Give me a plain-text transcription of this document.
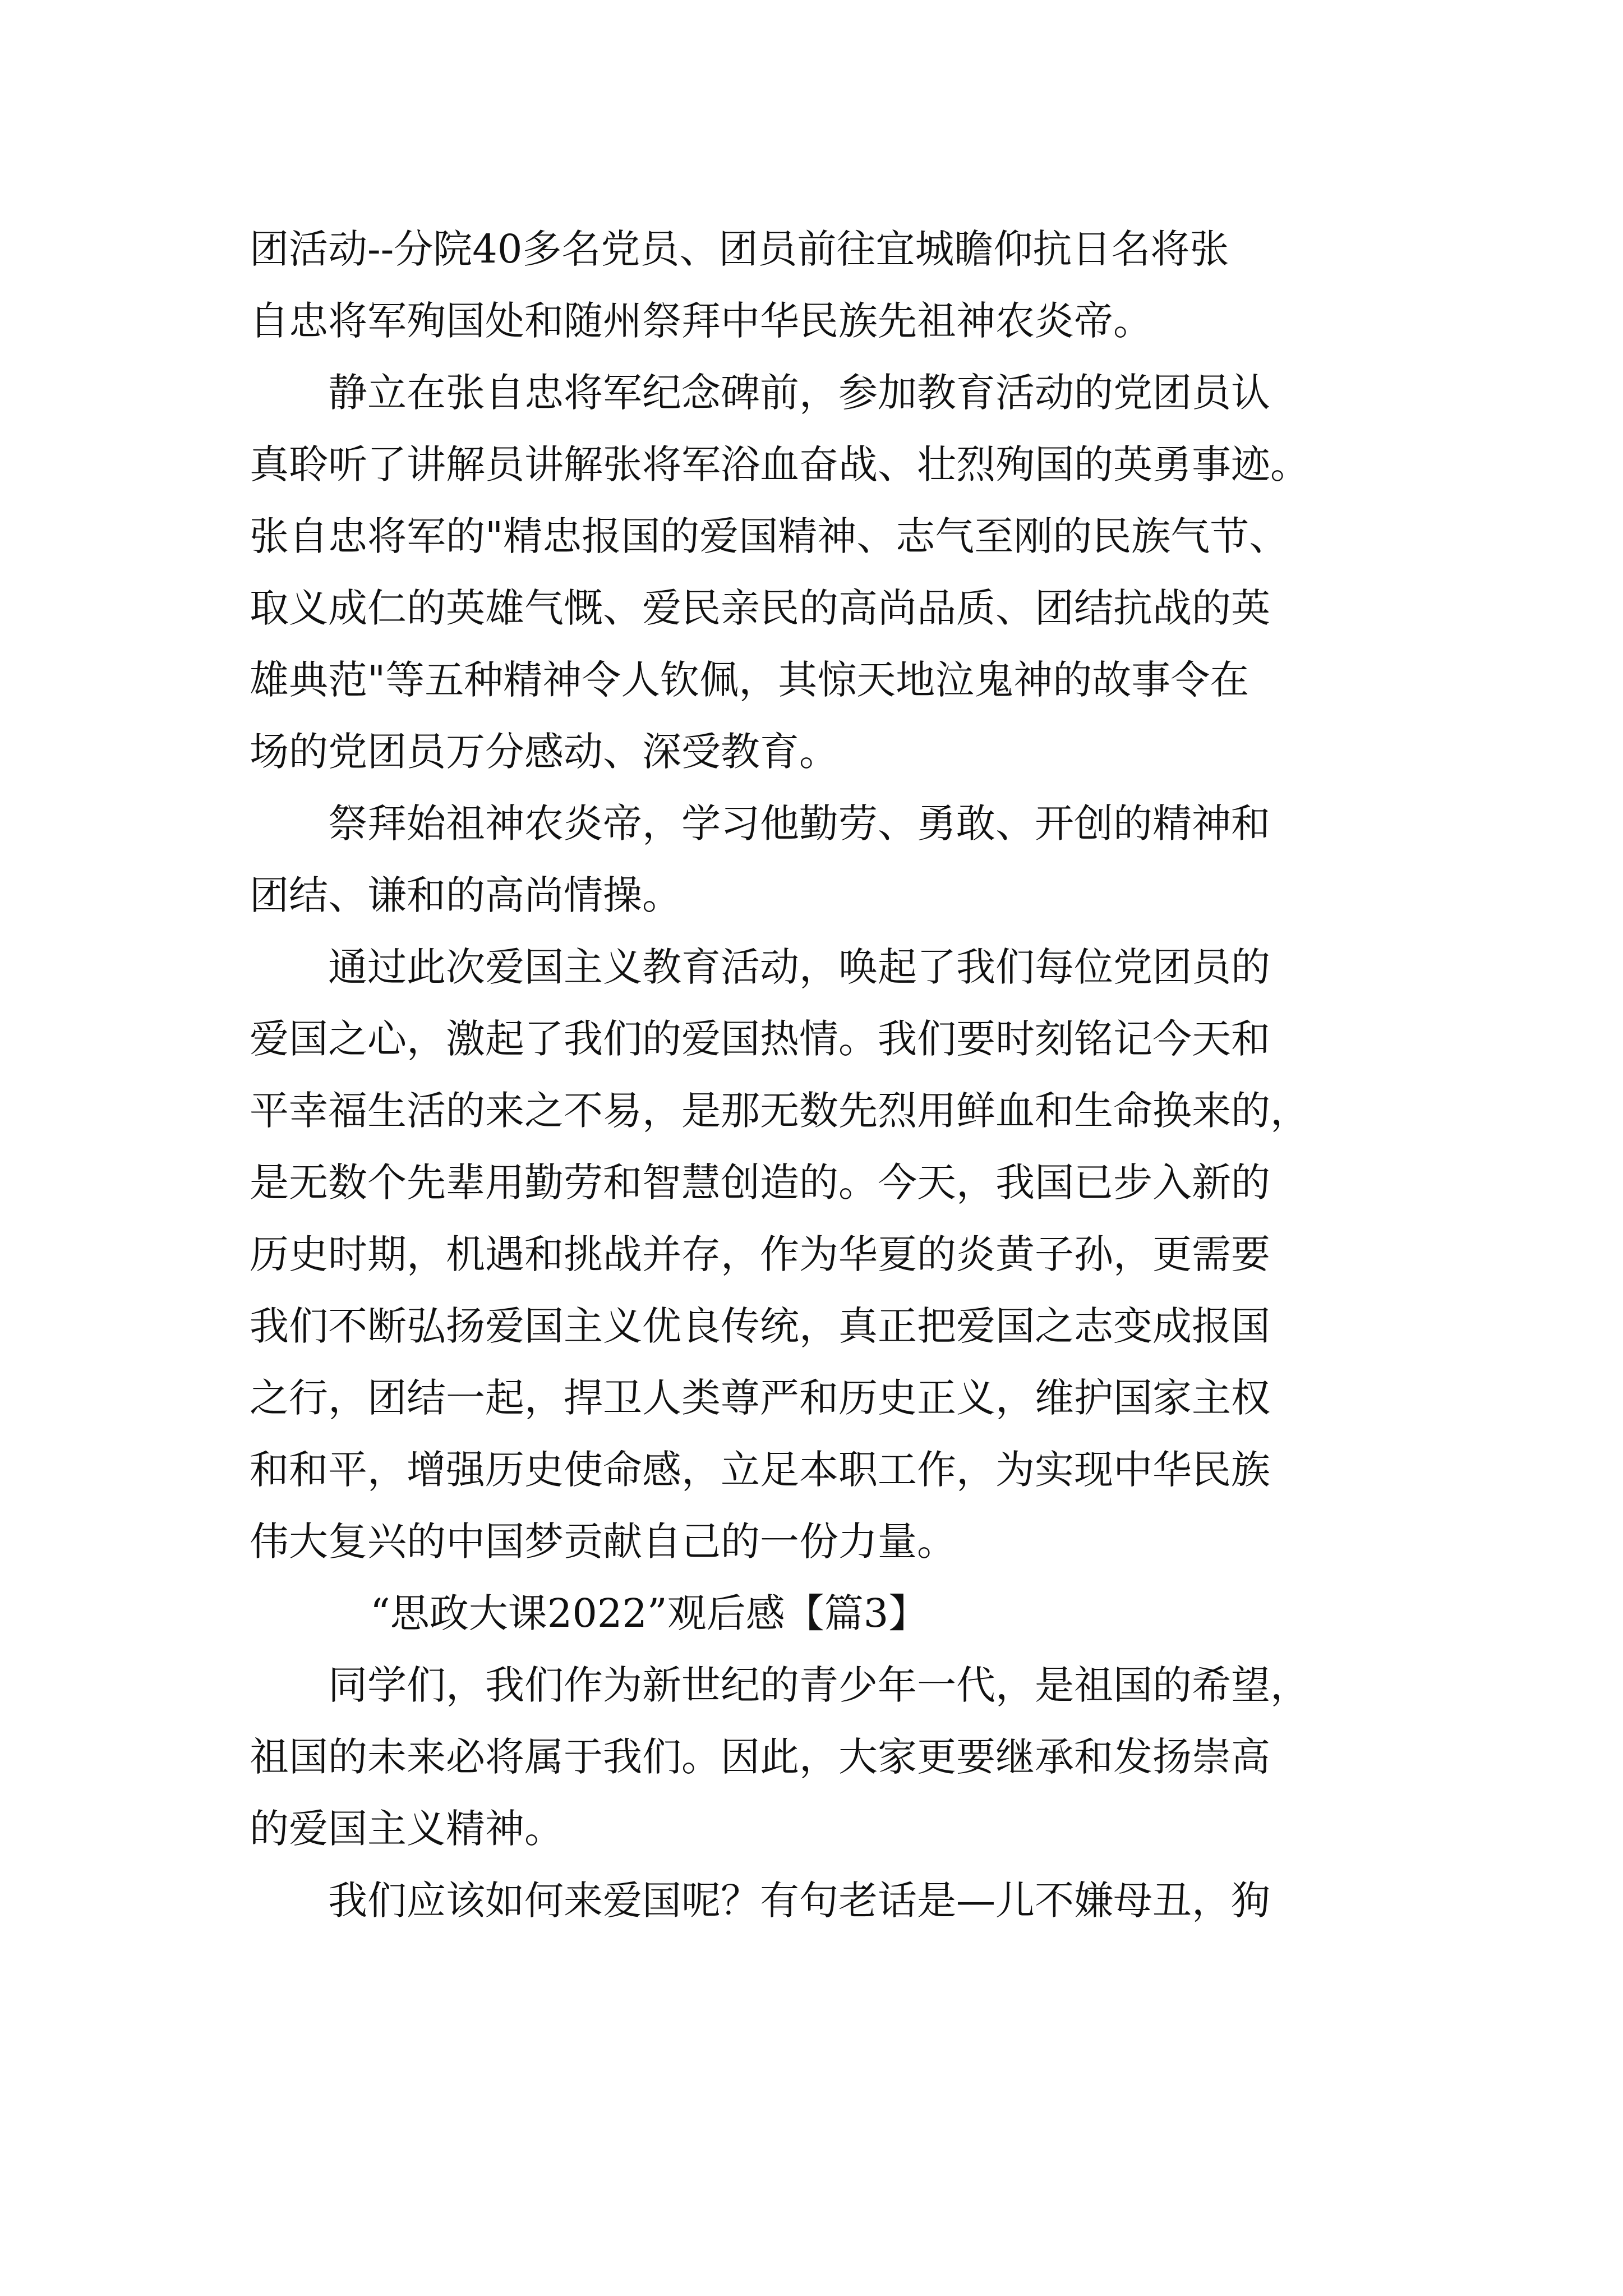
团活动--分院40多名党员、团员前往宜城瞻仰抗日名将张
自忠将军殉国处和随州祭拜中华民族先祖神农炎帝。
静立在张自忠将军纪念碑前，参加教育活动的党团员认
真聆听了讲解员讲解张将军浴血奋战、壮烈殉国的英勇事迹。
张自忠将军的"精忠报国的爱国精神、志气至刚的民族气节、
取义成仁的英雄气慨、爱民亲民的高尚品质、团结抗战的英
雄典范"等五种精神令人钦佩，其惊天地泣鬼神的故事令在
场的党团员万分感动、深受教育。
祭拜始祖神农炎帝，学习他勤劳、勇敢、开创的精神和
团结、谦和的高尚情操。
通过此次爱国主义教育活动，唤起了我们每位党团员的
爱国之心，激起了我们的爱国热情。我们要时刻铭记今天和
平幸福生活的来之不易，是那无数先烈用鲜血和生命换来的，
是无数个先辈用勤劳和智慧创造的。今天，我国已步入新的
历史时期，机遇和挑战并存，作为华夏的炎黄子孙，更需要
我们不断弘扬爱国主义优良传统，真正把爱国之志变成报国
之行，团结一起，捍卫人类尊严和历史正义，维护国家主权
和和平，增强历史使命感，立足本职工作，为实现中华民族
伟大复兴的中国梦贡献自己的一份力量。
“思政大课2022”观后感【篇3】
同学们，我们作为新世纪的青少年一代，是祖国的希望，
祖国的未来必将属于我们。因此，大家更要继承和发扬崇高
的爱国主义精神。
我们应该如何来爱国呢？有句老话是—儿不嫌母丑，狗
